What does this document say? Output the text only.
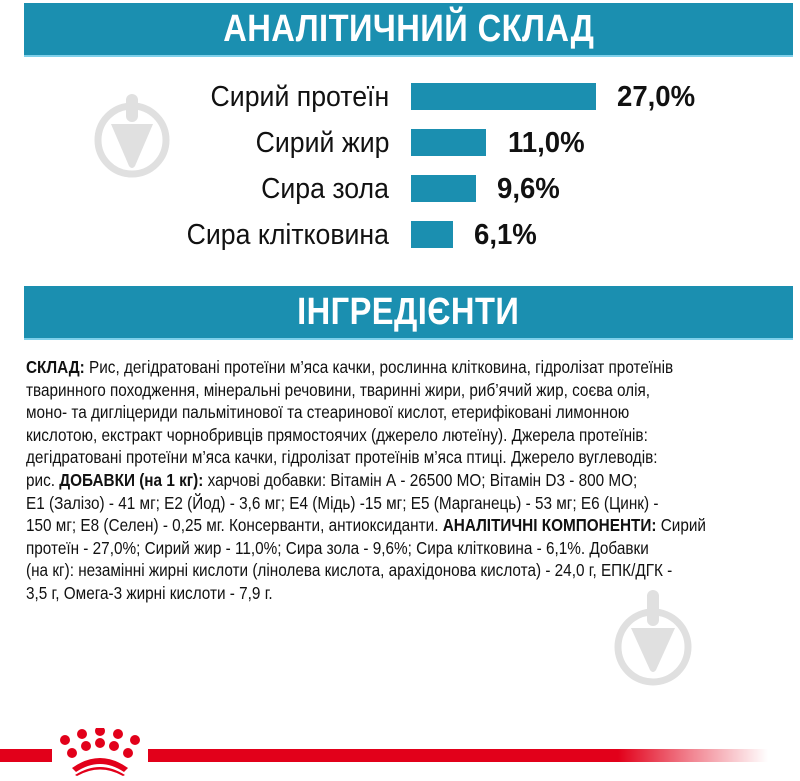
АНАЛІТИЧНИЙ СКЛАД
Сирий протеїн	27,0%
Сирий жир	11,0%
Сира зола	9,6%
Сира клітковина	6,1%
ІНГРЕДІЄНТИ
СКЛАД: Рис, дегідратовані протеїни м’яса качки, рослинна клітковина, гідролізат протеїнів
тваринного походження, мінеральні речовини, тваринні жири, риб’ячий жир, соєва олія,
моно- та дигліцериди пальмітинової та стеаринової кислот, етерифіковані лимонною
кислотою, екстракт чорнобривців прямостоячих (джерело лютеїну). Джерела протеїнів:
дегідратовані протеїни м’яса качки, гідролізат протеїнів м’яса птиці. Джерело вуглеводів:
рис. ДОБАВКИ (на 1 кг): харчові добавки: Вітамін А - 26500 МО; Вітамін D3 - 800 МО;
E1 (Залізо) - 41 мг; E2 (Йод) - 3,6 мг; E4 (Мідь) -15 мг; E5 (Марганець) - 53 мг; E6 (Цинк) -
150 мг; E8 (Селен) - 0,25 мг. Консерванти, антиоксиданти. АНАЛІТИЧНІ КОМПОНЕНТИ: Сирий
протеїн - 27,0%; Сирий жир - 11,0%; Сира зола - 9,6%; Сира клітковина - 6,1%. Добавки
(на кг): незамінні жирні кислоти (лінолева кислота, арахідонова кислота) - 24,0 г, ЕПК/ДГК -
3,5 г, Омега-3 жирні кислоти - 7,9 г.
